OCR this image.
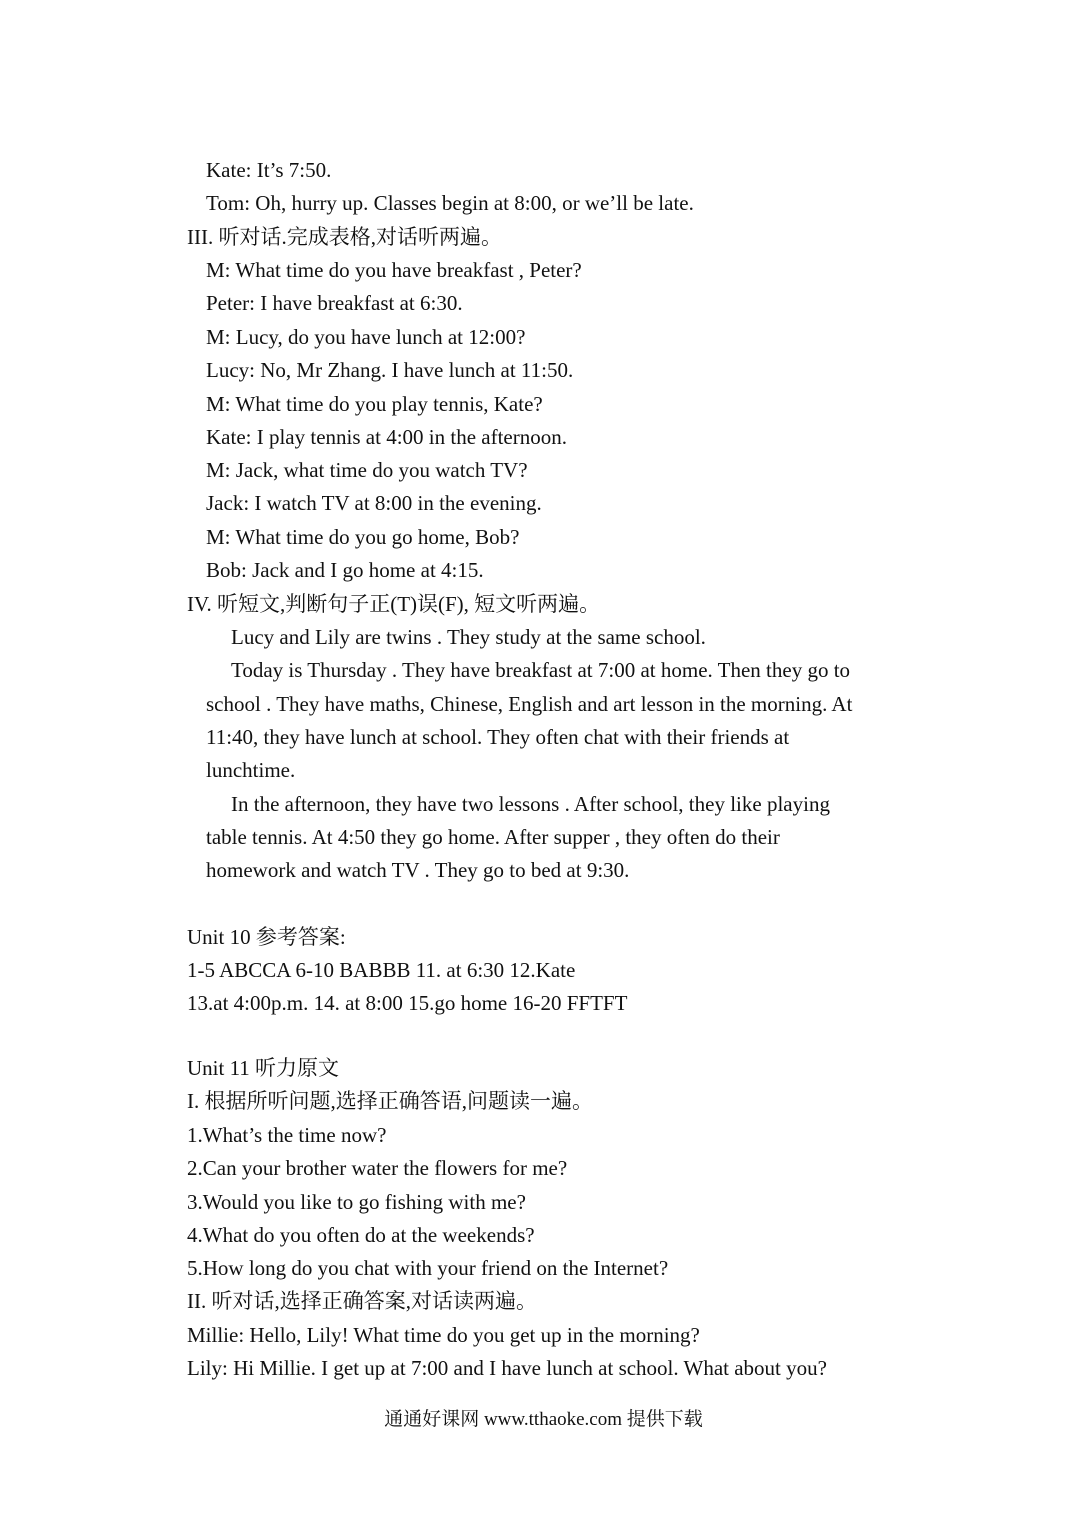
Kate: It’s 7:50.
Tom: Oh, hurry up. Classes begin at 8:00, or we’ll be late.
III. 听对话.完成表格,对话听两遍。
M: What time do you have breakfast , Peter?
Peter: I have breakfast at 6:30.
M: Lucy, do you have lunch at 12:00?
Lucy: No, Mr Zhang. I have lunch at 11:50.
M: What time do you play tennis, Kate?
Kate: I play tennis at 4:00 in the afternoon.
M: Jack, what time do you watch TV?
Jack: I watch TV at 8:00 in the evening.
M: What time do you go home, Bob?
Bob: Jack and I go home at 4:15.
IV. 听短文,判断句子正(T)误(F), 短文听两遍。
Lucy and Lily are twins . They study at the same school.
Today is Thursday . They have breakfast at 7:00 at home. Then they go to
school . They have maths, Chinese, English and art lesson in the morning. At
11:40, they have lunch at school. They often chat with their friends at
lunchtime.
In the afternoon, they have two lessons . After school, they like playing
table tennis. At 4:50 they go home. After supper , they often do their
homework and watch TV . They go to bed at 9:30.
Unit 10 参考答案:
1-5 ABCCA 6-10 BABBB 11. at 6:30 12.Kate
13.at 4:00p.m. 14. at 8:00 15.go home 16-20 FFTFT
Unit 11 听力原文
I. 根据所听问题,选择正确答语,问题读一遍。
1.What’s the time now?
2.Can your brother water the flowers for me?
3.Would you like to go fishing with me?
4.What do you often do at the weekends?
5.How long do you chat with your friend on the Internet?
II. 听对话,选择正确答案,对话读两遍。
Millie: Hello, Lily! What time do you get up in the morning?
Lily: Hi Millie. I get up at 7:00 and I have lunch at school. What about you?
通通好课网 www.tthaoke.com 提供下载
